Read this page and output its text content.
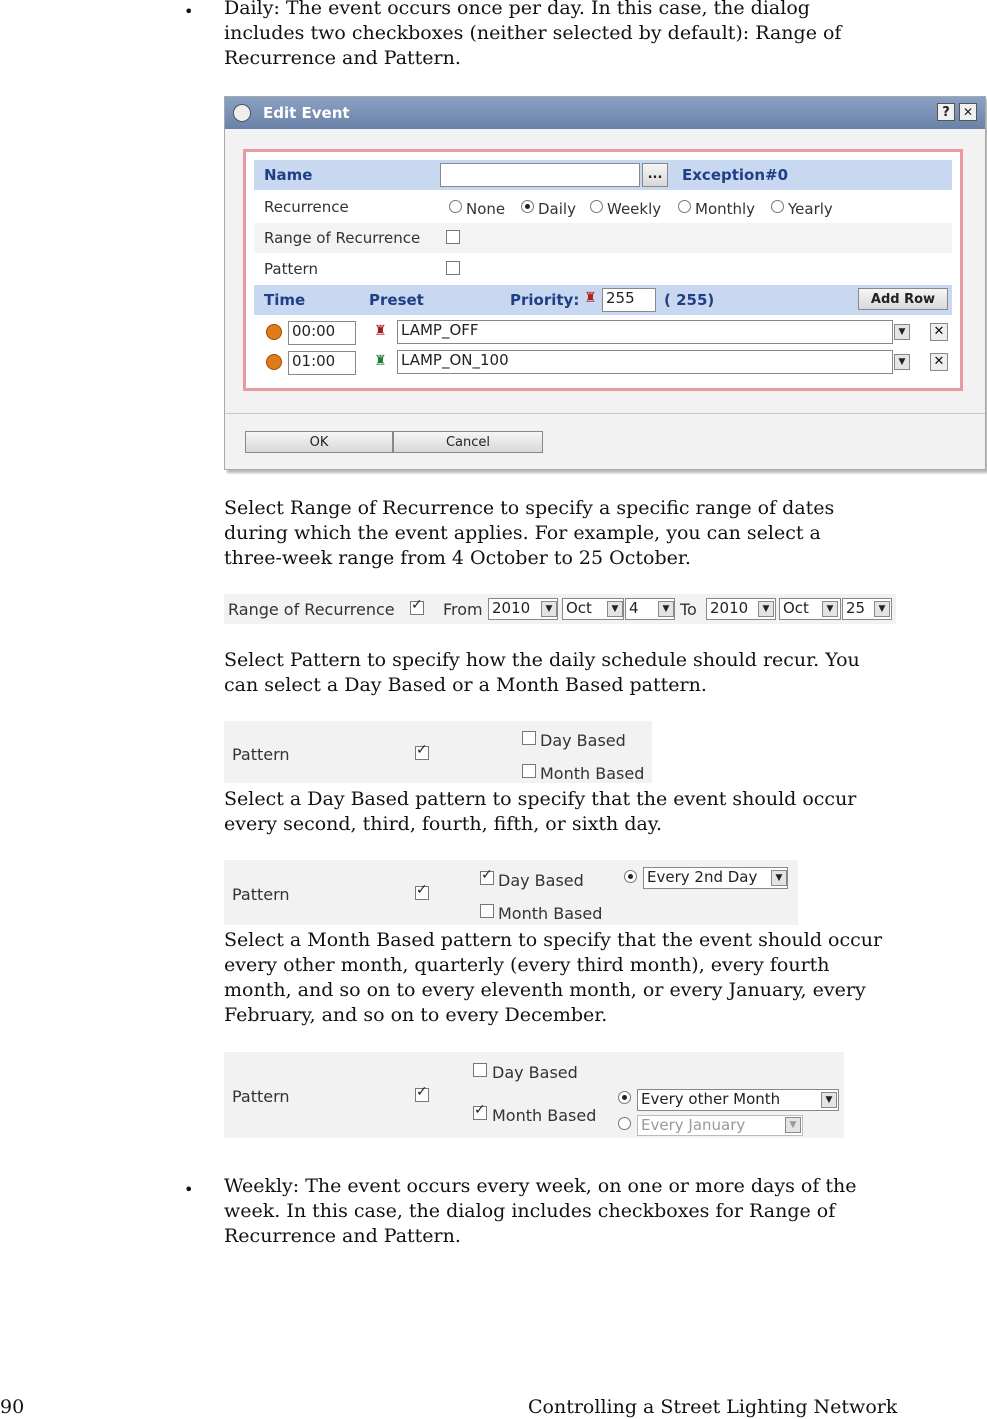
• Daily: The event occurs once per day. In this case, the dialog includes two checkboxes (neither selected by default): Range of Recurrence and Pattern.
Edit Event	?	✕
Name	...	Exception#0
Recurrence	None Daily Weekly Monthly Yearly
Range of Recurrence
Pattern
Time	Preset	Priority: ♜ 255	( 255)	Add Row
00:00	♜ LAMP_OFF	▼	✕
01:00	♜ LAMP_ON_100	▼	✕
OK	Cancel
Select Range of Recurrence to specify a specific range of dates during which the event applies. For example, you can select a three-week range from 4 October to 25 October.
Range of Recurrence
✓	From 2010	▼ Oct	▼ 4	▼ To 2010	▼ Oct	▼ 25	▼
Select Pattern to specify how the daily schedule should recur. You can select a Day Based or a Month Based pattern.
Pattern
✓
Day Based
Month Based
Select a Day Based pattern to specify that the event should occur every second, third, fourth, fifth, or sixth day.
Pattern
✓
✓
Day Based
Month Based
Every 2nd Day	▼
Select a Month Based pattern to specify that the event should occur every other month, quarterly (every third month), every fourth month, and so on to every eleventh month, or every January, every February, and so on to every December.
Pattern
✓
Day Based
✓
Month Based
Every other Month	▼
Every January	▼
• Weekly: The event occurs every week, on one or more days of the week. In this case, the dialog includes checkboxes for Range of Recurrence and Pattern.
90	Controlling a Street Lighting Network
